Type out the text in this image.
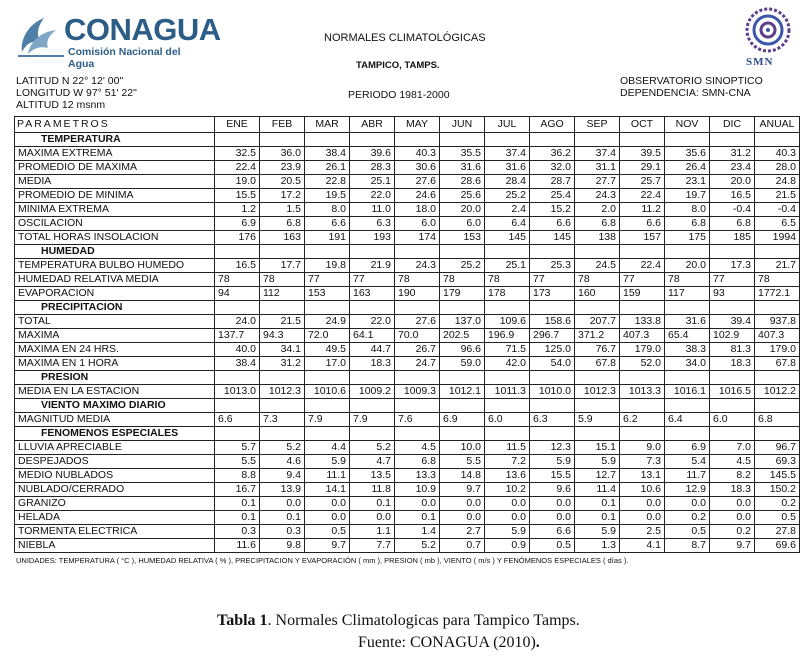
CONAGUA
Comisión Nacional del Agua	SMN
NORMALES CLIMATOLÓGICAS
TAMPICO, TAMPS.
LATITUD N 22° 12' 00"
LONGITUD W 97° 51' 22"
ALTITUD 12 msnm
PERIODO 1981-2000
OBSERVATORIO SINOPTICO
DEPENDENCIA: SMN-CNA
PARAMETROS	ENE	FEB	MAR	ABR	MAY	JUN	JUL	AGO	SEP	OCT	NOV	DIC	ANUAL
TEMPERATURA													
MAXIMA EXTREMA	32.5	36.0	38.4	39.6	40.3	35.5	37.4	36.2	37.4	39.5	35.6	31.2	40.3
PROMEDIO DE MAXIMA	22.4	23.9	26.1	28.3	30.6	31.6	31.6	32.0	31.1	29.1	26.4	23.4	28.0
MEDIA	19.0	20.5	22.8	25.1	27.6	28.6	28.4	28.7	27.7	25.7	23.1	20.0	24.8
PROMEDIO DE MINIMA	15.5	17.2	19.5	22.0	24.6	25.6	25.2	25.4	24.3	22.4	19.7	16.5	21.5
MINIMA EXTREMA	1.2	1.5	8.0	11.0	18.0	20.0	2.4	15.2	2.0	11.2	8.0	-0.4	-0.4
OSCILACION	6.9	6.8	6.6	6.3	6.0	6.0	6.4	6.6	6.8	6.6	6.8	6.8	6.5
TOTAL HORAS INSOLACION	176	163	191	193	174	153	145	145	138	157	175	185	1994
HUMEDAD													
TEMPERATURA BULBO HUMEDO	16.5	17.7	19.8	21.9	24.3	25.2	25.1	25.3	24.5	22.4	20.0	17.3	21.7
HUMEDAD RELATIVA MEDIA	78	78	77	77	78	78	78	77	78	77	78	77	78
EVAPORACION	94	112	153	163	190	179	178	173	160	159	117	93	1772.1
PRECIPITACION													
TOTAL	24.0	21.5	24.9	22.0	27.6	137.0	109.6	158.6	207.7	133.8	31.6	39.4	937.8
MAXIMA	137.7	94.3	72.0	64.1	70.0	202.5	196.9	296.7	371.2	407.3	65.4	102.9	407.3
MAXIMA EN 24 HRS.	40.0	34.1	49.5	44.7	26.7	96.6	71.5	125.0	76.7	179.0	38.3	81.3	179.0
MAXIMA EN 1 HORA	38.4	31.2	17.0	18.3	24.7	59.0	42.0	54.0	67.8	52.0	34.0	18.3	67.8
PRESION													
MEDIA EN LA ESTACION	1013.0	1012.3	1010.6	1009.2	1009.3	1012.1	1011.3	1010.0	1012.3	1013.3	1016.1	1016.5	1012.2
VIENTO MAXIMO DIARIO													
MAGNITUD MEDIA	6.6	7.3	7.9	7.9	7.6	6.9	6.0	6.3	5.9	6.2	6.4	6.0	6.8
FENOMENOS ESPECIALES													
LLUVIA APRECIABLE	5.7	5.2	4.4	5.2	4.5	10.0	11.5	12.3	15.1	9.0	6.9	7.0	96.7
DESPEJADOS	5.5	4.6	5.9	4.7	6.8	5.5	7.2	5.9	5.9	7.3	5.4	4.5	69.3
MEDIO NUBLADOS	8.8	9.4	11.1	13.5	13.3	14.8	13.6	15.5	12.7	13.1	11.7	8.2	145.5
NUBLADO/CERRADO	16.7	13.9	14.1	11.8	10.9	9.7	10.2	9.6	11.4	10.6	12.9	18.3	150.2
GRANIZO	0.1	0.0	0.0	0.1	0.0	0.0	0.0	0.0	0.1	0.0	0.0	0.0	0.2
HELADA	0.1	0.1	0.0	0.0	0.1	0.0	0.0	0.0	0.1	0.0	0.2	0.0	0.5
TORMENTA ELECTRICA	0.3	0.3	0.5	1.1	1.4	2.7	5.9	6.6	5.9	2.5	0.5	0.2	27.8
NIEBLA	11.6	9.8	9.7	7.7	5.2	0.7	0.9	0.5	1.3	4.1	8.7	9.7	69.6
UNIDADES: TEMPERATURA ( °C ), HUMEDAD RELATIVA ( % ), PRECIPITACION Y EVAPORACIÓN ( mm ), PRESION ( mb ), VIENTO ( m/s ) Y FENÓMENOS ESPECIALES ( días ).
Tabla 1. Normales Climatologicas para Tampico Tamps.
Fuente: CONAGUA (2010).
